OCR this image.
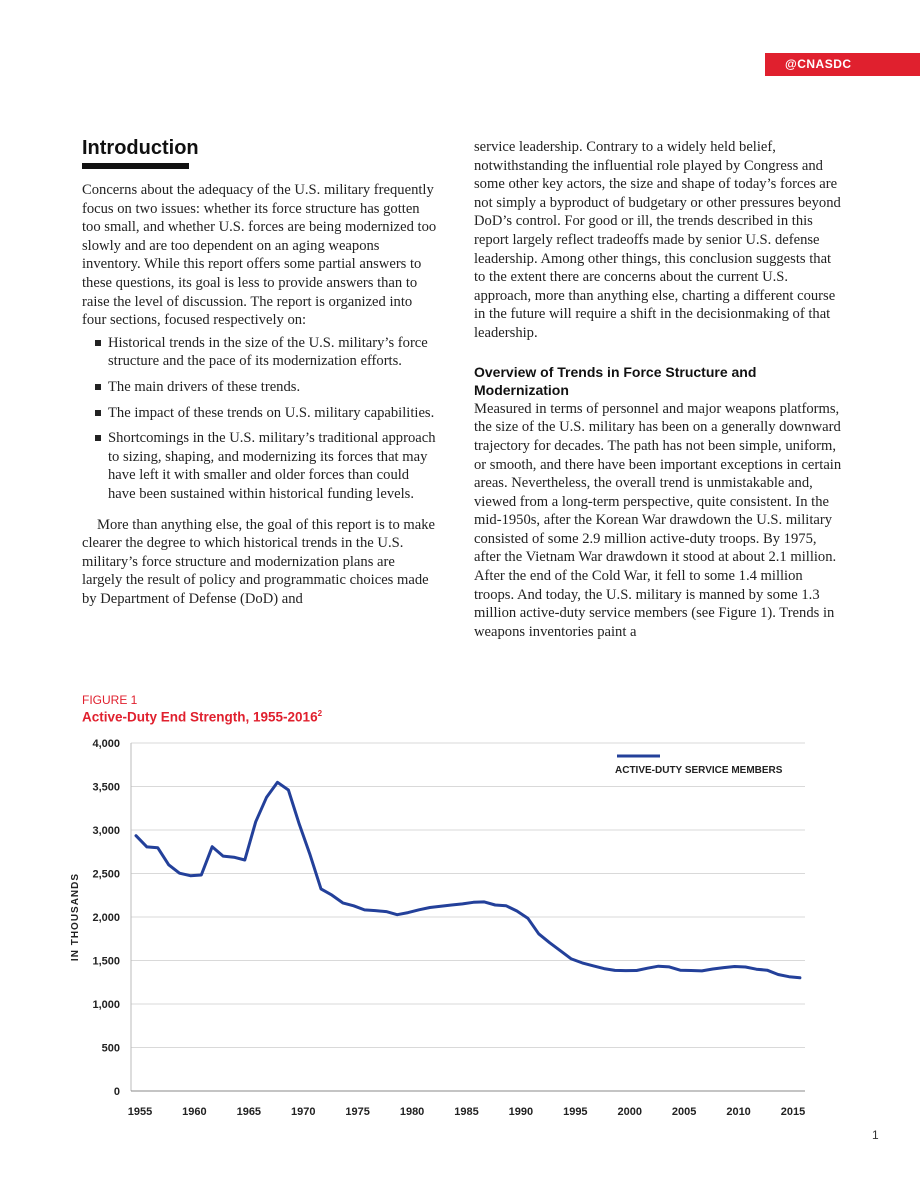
@CNASDC
Introduction

Concerns about the adequacy of the U.S. military frequently focus on two issues: whether its force structure has gotten too small, and whether U.S. forces are being modernized too slowly and are too dependent on an aging weapons inventory. While this report offers some partial answers to these questions, its goal is less to provide answers than to raise the level of discussion. The report is organized into four sections, focused respectively on:

Historical trends in the size of the U.S. military’s force structure and the pace of its modernization efforts.
The main drivers of these trends.
The impact of these trends on U.S. military capabilities.
Shortcomings in the U.S. military’s traditional approach to sizing, shaping, and modernizing its forces that may have left it with smaller and older forces than could have been sustained within historical funding levels.

More than anything else, the goal of this report is to make clearer the degree to which historical trends in the U.S. military’s force structure and modernization plans are largely the result of policy and programmatic choices made by Department of Defense (DoD) and

service leadership. Contrary to a widely held belief, notwithstanding the influential role played by Congress and some other key actors, the size and shape of today’s forces are not simply a byproduct of budgetary or other pressures beyond DoD’s control. For good or ill, the trends described in this report largely reflect tradeoffs made by senior U.S. defense leadership. Among other things, this conclusion suggests that to the extent there are concerns about the current U.S. approach, more than anything else, charting a different course in the future will require a shift in the decisionmaking of that leadership.

Overview of Trends in Force Structure and Modernization

Measured in terms of personnel and major weapons platforms, the size of the U.S. military has been on a generally downward trajectory for decades. The path has not been simple, uniform, or smooth, and there have been important exceptions in certain areas. Nevertheless, the overall trend is unmistakable and, viewed from a long-term perspective, quite consistent. In the mid-1950s, after the Korean War drawdown the U.S. military consisted of some 2.9 million active-duty troops. By 1975, after the Vietnam War drawdown it stood at about 2.1 million. After the end of the Cold War, it fell to some 1.4 million troops. And today, the U.S. military is manned by some 1.3 million active-duty service members (see Figure 1). Trends in weapons inventories paint a

FIGURE 1
Active-Duty End Strength, 1955-2016$^2$
0
500
1,000
1,500
2,000
2,500
3,000
3,500
4,000
1955	1960	1965	1970	1975	1980	1985	1990	1995	2000	2005	2010	2015
IN THOUSANDS
ACTIVE-DUTY SERVICE MEMBERS
1
